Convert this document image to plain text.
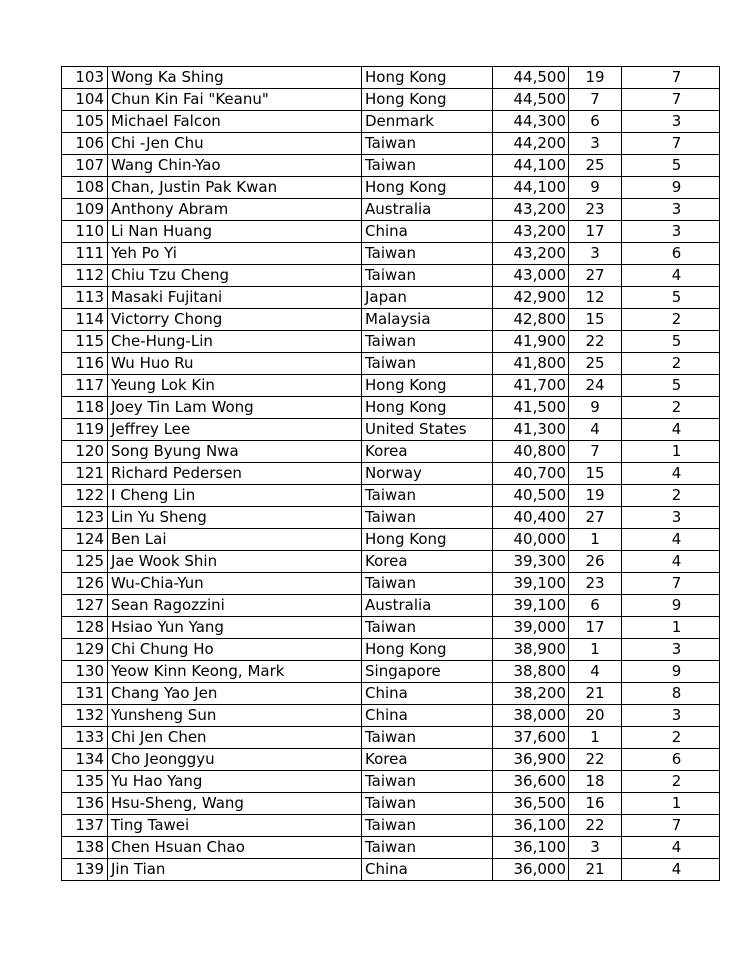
103	Wong Ka Shing	Hong Kong	44,500	19	7
104	Chun Kin Fai "Keanu"	Hong Kong	44,500	7	7
105	Michael Falcon	Denmark	44,300	6	3
106	Chi -Jen Chu	Taiwan	44,200	3	7
107	Wang Chin-Yao	Taiwan	44,100	25	5
108	Chan, Justin Pak Kwan	Hong Kong	44,100	9	9
109	Anthony Abram	Australia	43,200	23	3
110	Li Nan Huang	China	43,200	17	3
111	Yeh Po Yi	Taiwan	43,200	3	6
112	Chiu Tzu Cheng	Taiwan	43,000	27	4
113	Masaki Fujitani	Japan	42,900	12	5
114	Victorry Chong	Malaysia	42,800	15	2
115	Che-Hung-Lin	Taiwan	41,900	22	5
116	Wu Huo Ru	Taiwan	41,800	25	2
117	Yeung Lok Kin	Hong Kong	41,700	24	5
118	Joey Tin Lam Wong	Hong Kong	41,500	9	2
119	Jeffrey Lee	United States	41,300	4	4
120	Song Byung Nwa	Korea	40,800	7	1
121	Richard Pedersen	Norway	40,700	15	4
122	I Cheng Lin	Taiwan	40,500	19	2
123	Lin Yu Sheng	Taiwan	40,400	27	3
124	Ben Lai	Hong Kong	40,000	1	4
125	Jae Wook Shin	Korea	39,300	26	4
126	Wu-Chia-Yun	Taiwan	39,100	23	7
127	Sean Ragozzini	Australia	39,100	6	9
128	Hsiao Yun Yang	Taiwan	39,000	17	1
129	Chi Chung Ho	Hong Kong	38,900	1	3
130	Yeow Kinn Keong, Mark	Singapore	38,800	4	9
131	Chang Yao Jen	China	38,200	21	8
132	Yunsheng Sun	China	38,000	20	3
133	Chi Jen Chen	Taiwan	37,600	1	2
134	Cho Jeonggyu	Korea	36,900	22	6
135	Yu Hao Yang	Taiwan	36,600	18	2
136	Hsu-Sheng, Wang	Taiwan	36,500	16	1
137	Ting Tawei	Taiwan	36,100	22	7
138	Chen Hsuan Chao	Taiwan	36,100	3	4
139	Jin Tian	China	36,000	21	4
